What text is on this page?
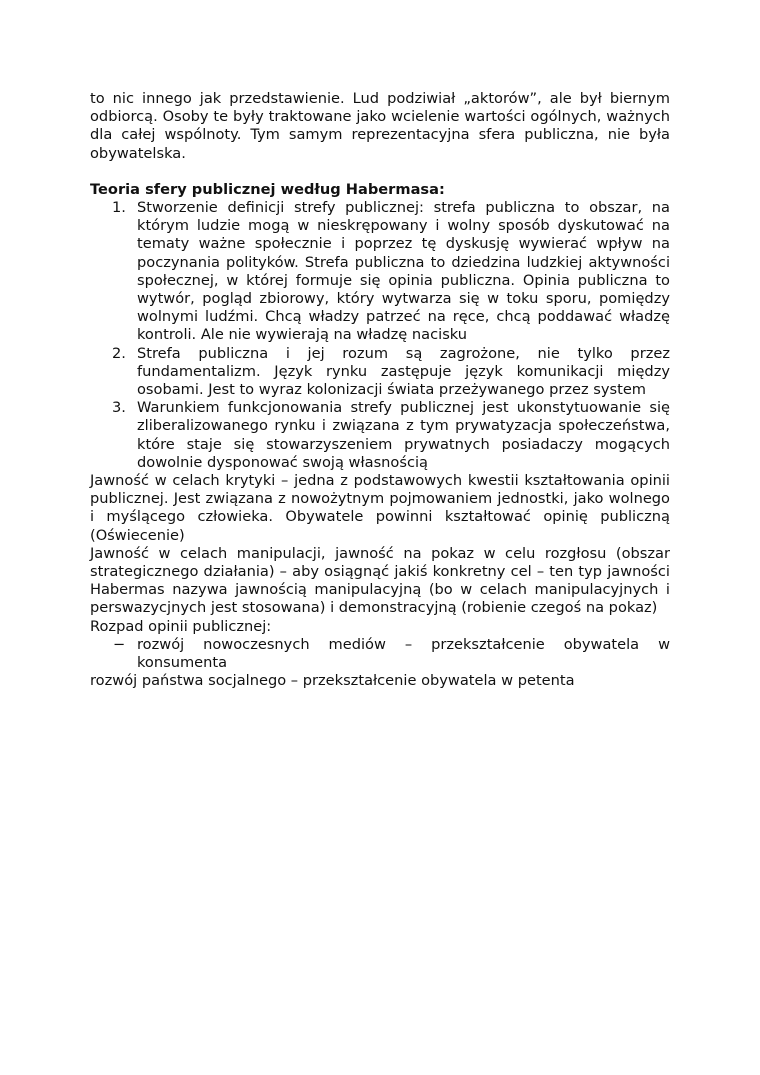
to nic innego jak przedstawienie. Lud podziwiał „aktorów”, ale był biernym odbiorcą. Osoby te były traktowane jako wcielenie wartości ogólnych, ważnych dla całej wspólnoty. Tym samym reprezentacyjna sfera publiczna, nie była obywatelska.

Teoria sfery publicznej według Habermasa:

1. Stworzenie definicji strefy publicznej: strefa publiczna to obszar, na którym ludzie mogą w nieskrępowany i wolny sposób dyskutować na tematy ważne społecznie i poprzez tę dyskusję wywierać wpływ na poczynania polityków. Strefa publiczna to dziedzina ludzkiej aktywności społecznej, w której formuje się opinia publiczna. Opinia publiczna to wytwór, pogląd zbiorowy, który wytwarza się w toku sporu, pomiędzy wolnymi ludźmi. Chcą władzy patrzeć na ręce, chcą poddawać władzę kontroli. Ale nie wywierają na władzę nacisku
2. Strefa publiczna i jej rozum są zagrożone, nie tylko przez fundamentalizm. Język rynku zastępuje język komunikacji między osobami. Jest to wyraz kolonizacji świata przeżywanego przez system
3. Warunkiem funkcjonowania strefy publicznej jest ukonstytuowanie się zliberalizowanego rynku i związana z tym prywatyzacja społeczeństwa, które staje się stowarzyszeniem prywatnych posiadaczy mogących dowolnie dysponować swoją własnością

Jawność w celach krytyki – jedna z podstawowych kwestii kształtowania opinii publicznej. Jest związana z nowożytnym pojmowaniem jednostki, jako wolnego i myślącego człowieka. Obywatele powinni kształtować opinię publiczną (Oświecenie)

Jawność w celach manipulacji, jawność na pokaz w celu rozgłosu (obszar strategicznego działania) – aby osiągnąć jakiś konkretny cel – ten typ jawności Habermas nazywa jawnością manipulacyjną (bo w celach manipulacyjnych i perswazycjnych jest stosowana) i demonstracyjną (robienie czegoś na pokaz)

Rozpad opinii publicznej:

− rozwój nowoczesnych mediów – przekształcenie obywatela w konsumenta

rozwój państwa socjalnego – przekształcenie obywatela w petenta
